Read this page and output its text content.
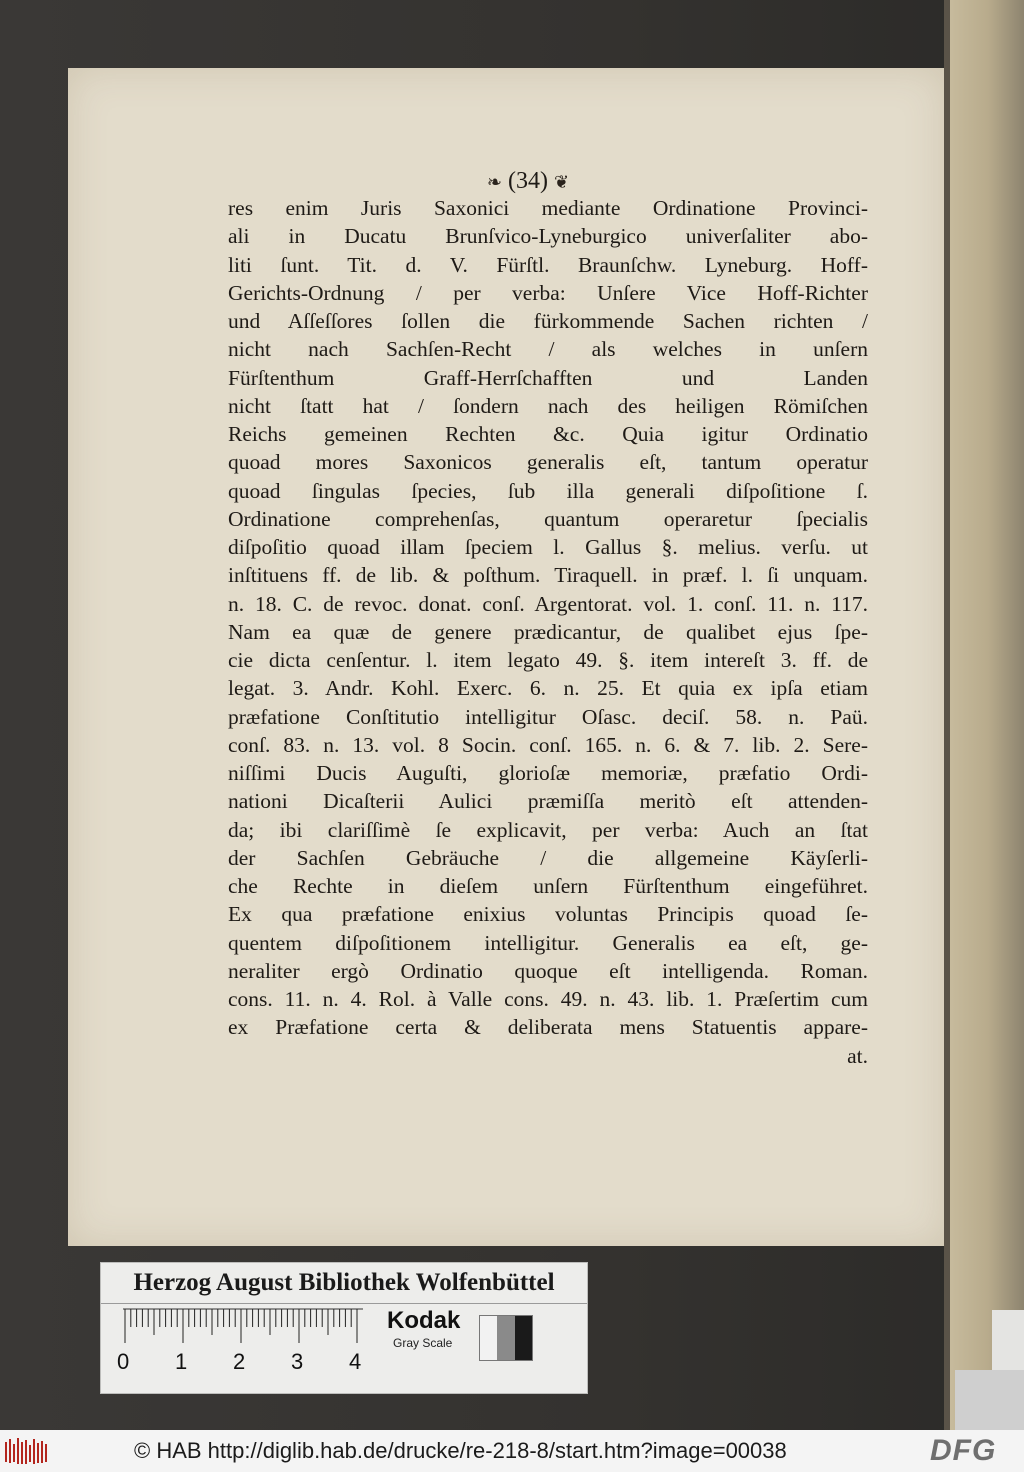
❧ (34) ❦
res enim Juris Saxonici mediante Ordinatione Provinci-
ali in Ducatu Brunſvico-Lyneburgico univerſaliter abo-
liti ſunt. Tit. d. V. Fürſtl. Braunſchw. Lyneburg. Hoff-
Gerichts-Ordnung / per verba: Unſere Vice Hoff-Richter
und Aſſeſſores ſollen die fürkommende Sachen richten /
nicht nach Sachſen-Recht / als welches in unſern
Fürſtenthum Graff-Herrſchafften und Landen
nicht ſtatt hat / ſondern nach des heiligen Römiſchen
Reichs gemeinen Rechten &c. Quia igitur Ordinatio
quoad mores Saxonicos generalis eſt, tantum operatur
quoad ſingulas ſpecies, ſub illa generali diſpoſitione ſ.
Ordinatione comprehenſas, quantum operaretur ſpecialis
diſpoſitio quoad illam ſpeciem l. Gallus §. melius. verſu. ut
inſtituens ff. de lib. & poſthum. Tiraquell. in præf. l. ſi unquam.
n. 18. C. de revoc. donat. conſ. Argentorat. vol. 1. conſ. 11. n. 117.
Nam ea quæ de genere prædicantur, de qualibet ejus ſpe-
cie dicta cenſentur. l. item legato 49. §. item intereſt 3. ff. de
legat. 3. Andr. Kohl. Exerc. 6. n. 25. Et quia ex ipſa etiam
præfatione Conſtitutio intelligitur Oſasc. deciſ. 58. n. Paü.
conſ. 83. n. 13. vol. 8 Socin. conſ. 165. n. 6. & 7. lib. 2. Sere-
niſſimi Ducis Auguſti, glorioſæ memoriæ, præfatio Ordi-
nationi Dicaſterii Aulici præmiſſa meritò eſt attenden-
da; ibi clariſſimè ſe explicavit, per verba: Auch an ſtat
der Sachſen Gebräuche / die allgemeine Käyſerli-
che Rechte in dieſem unſern Fürſtenthum eingeführet.
Ex qua præfatione enixius voluntas Principis quoad ſe-
quentem diſpoſitionem intelligitur. Generalis ea eſt, ge-
neraliter ergò Ordinatio quoque eſt intelligenda. Roman.
cons. 11. n. 4. Rol. à Valle cons. 49. n. 43. lib. 1. Præſertim cum
ex Præfatione certa & deliberata mens Statuentis appare-
at.
Herzog August Bibliothek Wolfenbüttel
0 1 2 3 4
Kodak
Gray Scale
© HAB http://diglib.hab.de/drucke/re-218-8/start.htm?image=00038	DFG
